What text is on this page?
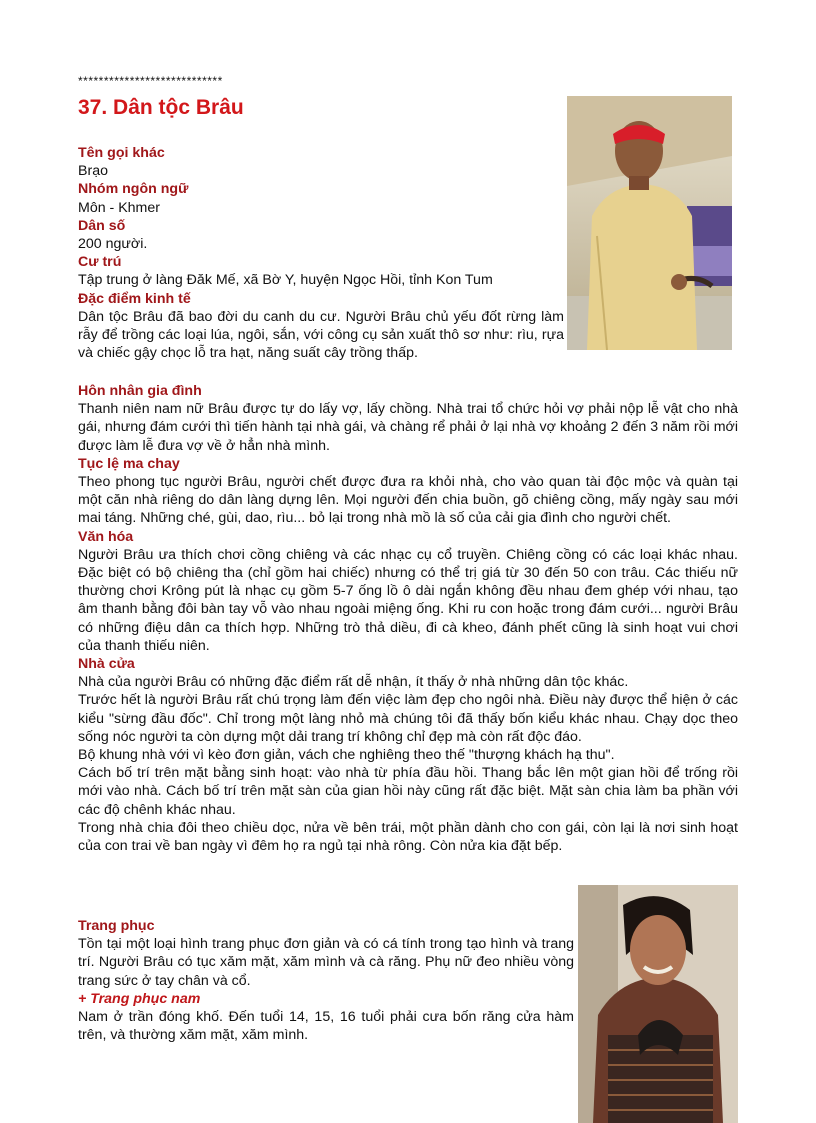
****************************
37. Dân tộc Brâu
Tên gọi khác

Brạo

Nhóm ngôn ngữ

Môn - Khmer

Dân số

200 người.

Cư trú

Tập trung ở làng Đăk Mế, xã Bờ Y, huyện Ngọc Hồi, tỉnh Kon Tum

Đặc điểm kinh tế

Dân tộc Brâu đã bao đời du canh du cư. Người Brâu chủ yếu đốt rừng làm rẫy để trồng các loại lúa, ngôi, sắn, với công cụ sản xuất thô sơ như: rìu, rựa và chiếc gậy chọc lỗ tra hạt, năng suất cây trồng thấp.

Hôn nhân gia đình

Thanh niên nam nữ Brâu được tự do lấy vợ, lấy chồng. Nhà trai tổ chức hỏi vợ phải nộp lễ vật cho nhà gái, nhưng đám cưới thì tiến hành tại nhà gái, và chàng rể phải ở lại nhà vợ khoảng 2 đến 3 năm rồi mới được làm lễ đưa vợ về ở hẳn nhà mình.

Tục lệ ma chay

Theo phong tục người Brâu, người chết được đưa ra khỏi nhà, cho vào quan tài độc mộc và quàn tại một căn nhà riêng do dân làng dựng lên. Mọi người đến chia buồn, gõ chiêng cồng, mấy ngày sau mới mai táng. Những ché, gùi, dao, rìu... bỏ lại trong nhà mồ là số của cải gia đình cho người chết.

Văn hóa

Người Brâu ưa thích chơi cồng chiêng và các nhạc cụ cổ truyền. Chiêng cồng có các loại khác nhau. Đặc biệt có bộ chiêng tha (chỉ gồm hai chiếc) nhưng có thể trị giá từ 30 đến 50 con trâu. Các thiếu nữ thường chơi Krông pút là nhạc cụ gồm 5-7 ống lồ ô dài ngắn không đều nhau đem ghép với nhau, tạo âm thanh bằng đôi bàn tay vỗ vào nhau ngoài miệng ống. Khi ru con hoặc trong đám cưới... người Brâu có những điệu dân ca thích hợp. Những trò thả diều, đi cà kheo, đánh phết cũng là sinh hoạt vui chơi của thanh thiếu niên.

Nhà cửa

Nhà của người Brâu có những đặc điểm rất dễ nhận, ít thấy ở nhà những dân tộc khác.

Trước hết là người Brâu rất chú trọng làm đến việc làm đẹp cho ngôi nhà. Điều này được thể hiện ở các kiểu "sừng đầu đốc". Chỉ trong một làng nhỏ mà chúng tôi đã thấy bốn kiểu khác nhau. Chạy dọc theo sống nóc người ta còn dựng một dải trang trí không chỉ đẹp mà còn rất độc đáo.

Bộ khung nhà với vì kèo đơn giản, vách che nghiêng theo thế "thượng khách hạ thu".

Cách bố trí trên mặt bằng sinh hoạt: vào nhà từ phía đầu hồi. Thang bắc lên một gian hồi để trống rồi mới vào nhà. Cách bố trí trên mặt sàn của gian hồi này cũng rất đặc biệt. Mặt sàn chia làm ba phần với các độ chênh khác nhau.

Trong nhà chia đôi theo chiều dọc, nửa về bên trái, một phần dành cho con gái, còn lại là nơi sinh hoạt của con trai về ban ngày vì đêm họ ra ngủ tại nhà rông. Còn nửa kia đặt bếp.

Trang phục

Tồn tại một loại hình trang phục đơn giản và có cá tính trong tạo hình và trang trí. Người Brâu có tục xăm mặt, xăm mình và cà răng. Phụ nữ đeo nhiều vòng trang sức ở tay chân và cổ.

+ Trang phục nam

Nam ở trần đóng khố. Đến tuổi 14, 15, 16 tuổi phải cưa bốn răng cửa hàm trên, và thường xăm mặt, xăm mình.
